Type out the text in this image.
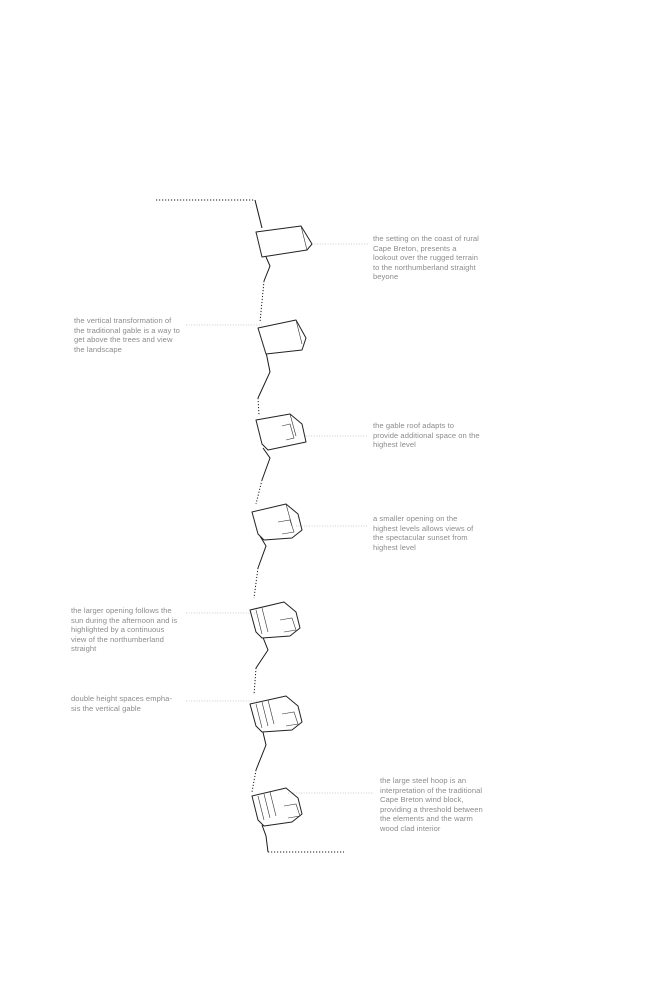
the setting on the coast of rural
Cape Breton, presents a
lookout over the rugged terrain
to the northumberland straight
beyone
the vertical transformation of
the traditional gable is a way to
get above the trees and view
the landscape
the gable roof adapts to
provide additional space on the
highest level
a smaller opening on the
highest levels allows views of
the spectacular sunset from
highest level
the larger opening follows the
sun during the afternoon and is
highlighted by a continuous
view of the northumberland
straight
double height spaces empha-
sis the vertical gable
the large steel hoop is an
interpretation of the traditional
Cape Breton wind block,
providing a threshold between
the elements and the warm
wood clad interior
